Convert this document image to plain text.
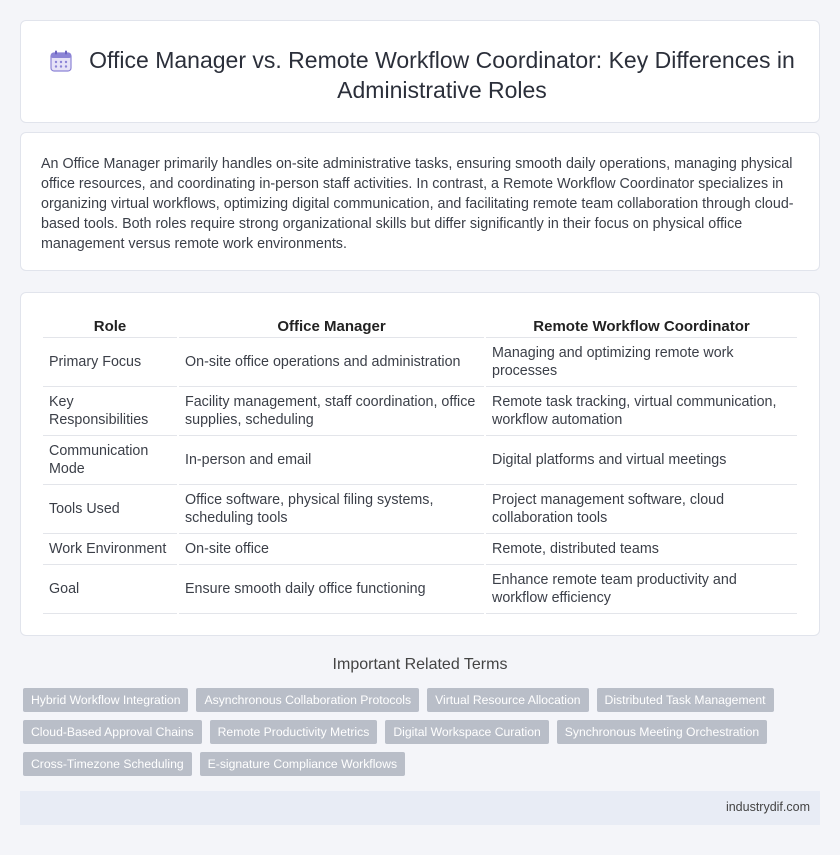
Office Manager vs. Remote Workflow Coordinator: Key Differences in Administrative Roles

An Office Manager primarily handles on-site administrative tasks, ensuring smooth daily operations, managing physical office resources, and coordinating in-person staff activities. In contrast, a Remote Workflow Coordinator specializes in organizing virtual workflows, optimizing digital communication, and facilitating remote team collaboration through cloud-based tools. Both roles require strong organizational skills but differ significantly in their focus on physical office management versus remote work environments.

Role	Office Manager	Remote Workflow Coordinator
Primary Focus	On-site office operations and administration	Managing and optimizing remote work processes
Key Responsibilities	Facility management, staff coordination, office supplies, scheduling	Remote task tracking, virtual communication, workflow automation
Communication Mode	In-person and email	Digital platforms and virtual meetings
Tools Used	Office software, physical filing systems, scheduling tools	Project management software, cloud collaboration tools
Work Environment	On-site office	Remote, distributed teams
Goal	Ensure smooth daily office functioning	Enhance remote team productivity and workflow efficiency
Important Related Terms
Hybrid Workflow Integration	Asynchronous Collaboration Protocols	Virtual Resource Allocation	Distributed Task Management
Cloud-Based Approval Chains	Remote Productivity Metrics	Digital Workspace Curation	Synchronous Meeting Orchestration
Cross-Timezone Scheduling	E-signature Compliance Workflows
industrydif.com
